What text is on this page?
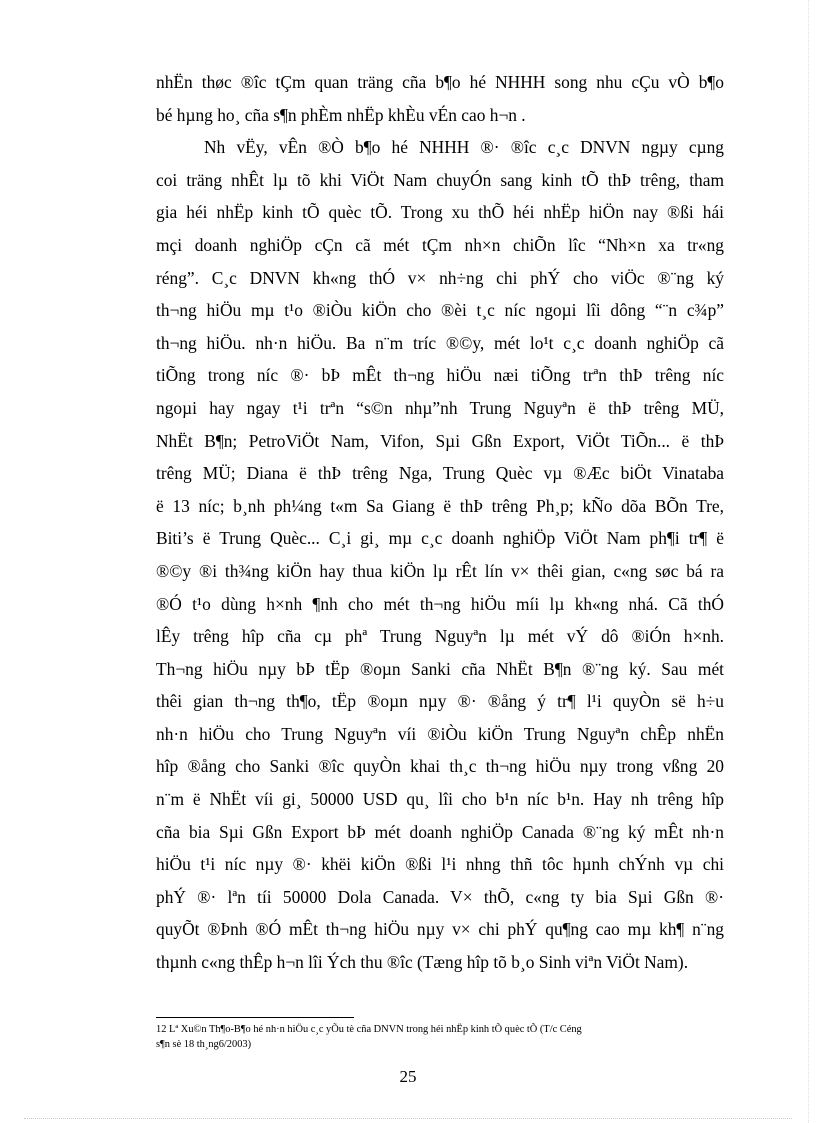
nhËn thøc ®îc tÇm quan träng cña b¶o hé NHHH song nhu cÇu vÒ b¶o
bé hµng ho¸ cña s¶n phÈm nhËp khÈu vÉn cao h¬n .
Nh vËy, vÊn ®Ò b¶o hé NHHH ®· ®îc c¸c DNVN ngµy cµng
coi träng nhÊt lµ tõ khi ViÖt Nam chuyÓn sang kinh tÕ thÞ trêng, tham
gia héi nhËp kinh tÕ quèc tÕ. Trong xu thÕ héi nhËp hiÖn nay ®ßi hái
mçi doanh nghiÖp cÇn cã mét tÇm nh×n chiÕn lîc “Nh×n xa tr«ng
réng”. C¸c DNVN kh«ng thÓ v× nh÷ng chi phÝ cho viÖc ®¨ng ký
th¬ng hiÖu mµ t¹o ®iÒu kiÖn cho ®èi t¸c níc ngoµi lîi dông “¨n c¾p”
th¬ng hiÖu. nh·n hiÖu. Ba n¨m tríc ®©y, mét lo¹t c¸c doanh nghiÖp cã
tiÕng trong níc ®· bÞ mÊt th¬ng hiÖu næi tiÕng trªn thÞ trêng níc
ngoµi hay ngay t¹i trªn “s©n nhµ”nh Trung Nguyªn ë thÞ trêng MÜ,
NhËt B¶n; PetroViÖt Nam, Vifon, Sµi Gßn Export, ViÖt TiÕn... ë thÞ
trêng MÜ; Diana ë thÞ trêng Nga, Trung Quèc vµ ®Æc biÖt Vinataba
ë 13 níc; b¸nh ph¼ng t«m Sa Giang ë thÞ trêng Ph¸p; kÑo dõa BÕn Tre,
Biti’s ë Trung Quèc... C¸i gi¸ mµ c¸c doanh nghiÖp ViÖt Nam ph¶i tr¶ ë
®©y ®i th¾ng kiÖn hay thua kiÖn lµ rÊt lín v× thêi gian, c«ng søc bá ra
®Ó t¹o dùng h×nh ¶nh cho mét th¬ng hiÖu míi lµ kh«ng nhá. Cã thÓ
lÊy trêng hîp cña cµ phª Trung Nguyªn lµ mét vÝ dô ®iÓn h×nh.
Th¬ng hiÖu nµy bÞ tËp ®oµn Sanki cña NhËt B¶n ®¨ng ký. Sau mét
thêi gian th¬ng th¶o, tËp ®oµn nµy ®· ®ång ý tr¶ l¹i quyÒn së h÷u
nh·n hiÖu cho Trung Nguyªn víi ®iÒu kiÖn Trung Nguyªn chÊp nhËn
hîp ®ång cho Sanki ®îc quyÒn khai th¸c th¬ng hiÖu nµy trong vßng 20
n¨m ë NhËt víi gi¸ 50000 USD qu¸ lîi cho b¹n níc b¹n. Hay nh trêng hîp
cña bia Sµi Gßn Export bÞ mét doanh nghiÖp Canada ®¨ng ký mÊt nh·n
hiÖu t¹i níc nµy ®· khëi kiÖn ®ßi l¹i nhng thñ tôc hµnh chÝnh vµ chi
phÝ ®· lªn tíi 50000 Dola Canada. V× thÕ, c«ng ty bia Sµi Gßn ®·
quyÕt ®Þnh ®Ó mÊt th¬ng hiÖu nµy v× chi phÝ qu¶ng cao mµ kh¶ n¨ng
thµnh c«ng thÊp h¬n lîi Ých thu ®îc (Tæng hîp tõ b¸o Sinh viªn ViÖt Nam).
12 Lª Xu©n Th¶o-B¶o hé nh·n hiÖu c¸c yÕu tè cña DNVN trong héi nhËp kinh tÕ quèc tÕ (T/c Céng
s¶n sè 18 th¸ng6/2003)
25
